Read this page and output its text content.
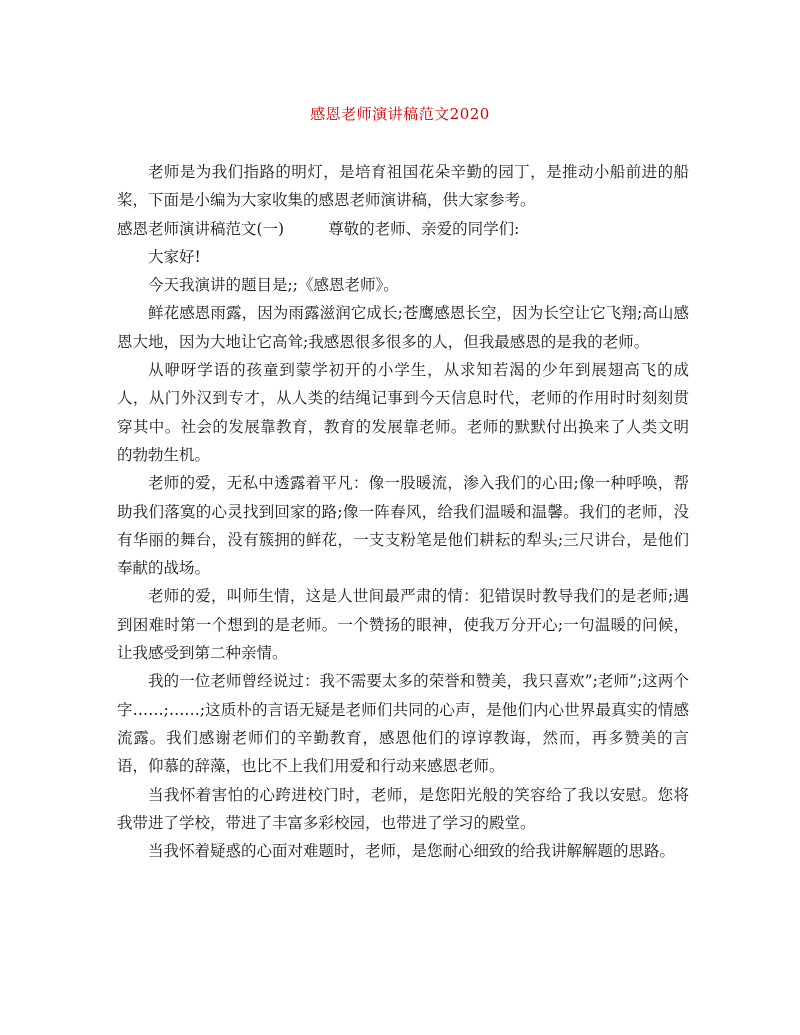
感恩老师演讲稿范文2020

老师是为我们指路的明灯，是培育祖国花朵辛勤的园丁，是推动小船前进的船桨，下面是小编为大家收集的感恩老师演讲稿，供大家参考。

感恩老师演讲稿范文(一)	尊敬的老师、亲爱的同学们:

大家好!

今天我演讲的题目是;;《感恩老师》。

鲜花感恩雨露，因为雨露滋润它成长;苍鹰感恩长空，因为长空让它飞翔;高山感恩大地，因为大地让它高耸;我感恩很多很多的人，但我最感恩的是我的老师。

从咿呀学语的孩童到蒙学初开的小学生，从求知若渴的少年到展翅高飞的成人，从门外汉到专才，从人类的结绳记事到今天信息时代，老师的作用时时刻刻贯穿其中。社会的发展靠教育，教育的发展靠老师。老师的默默付出换来了人类文明的勃勃生机。

老师的爱，无私中透露着平凡：像一股暖流，渗入我们的心田;像一种呼唤，帮助我们落寞的心灵找到回家的路;像一阵春风，给我们温暖和温馨。我们的老师，没有华丽的舞台，没有簇拥的鲜花，一支支粉笔是他们耕耘的犁头;三尺讲台，是他们奉献的战场。

老师的爱，叫师生情，这是人世间最严肃的情：犯错误时教导我们的是老师;遇到困难时第一个想到的是老师。一个赞扬的眼神，使我万分开心;一句温暖的问候，让我感受到第二种亲情。

我的一位老师曾经说过：我不需要太多的荣誉和赞美，我只喜欢”;老师”;这两个字……;……;这质朴的言语无疑是老师们共同的心声，是他们内心世界最真实的情感流露。我们感谢老师们的辛勤教育，感恩他们的谆谆教诲，然而，再多赞美的言语，仰慕的辞藻，也比不上我们用爱和行动来感恩老师。

当我怀着害怕的心跨进校门时，老师，是您阳光般的笑容给了我以安慰。您将我带进了学校，带进了丰富多彩校园，也带进了学习的殿堂。

当我怀着疑惑的心面对难题时，老师，是您耐心细致的给我讲解解题的思路。
